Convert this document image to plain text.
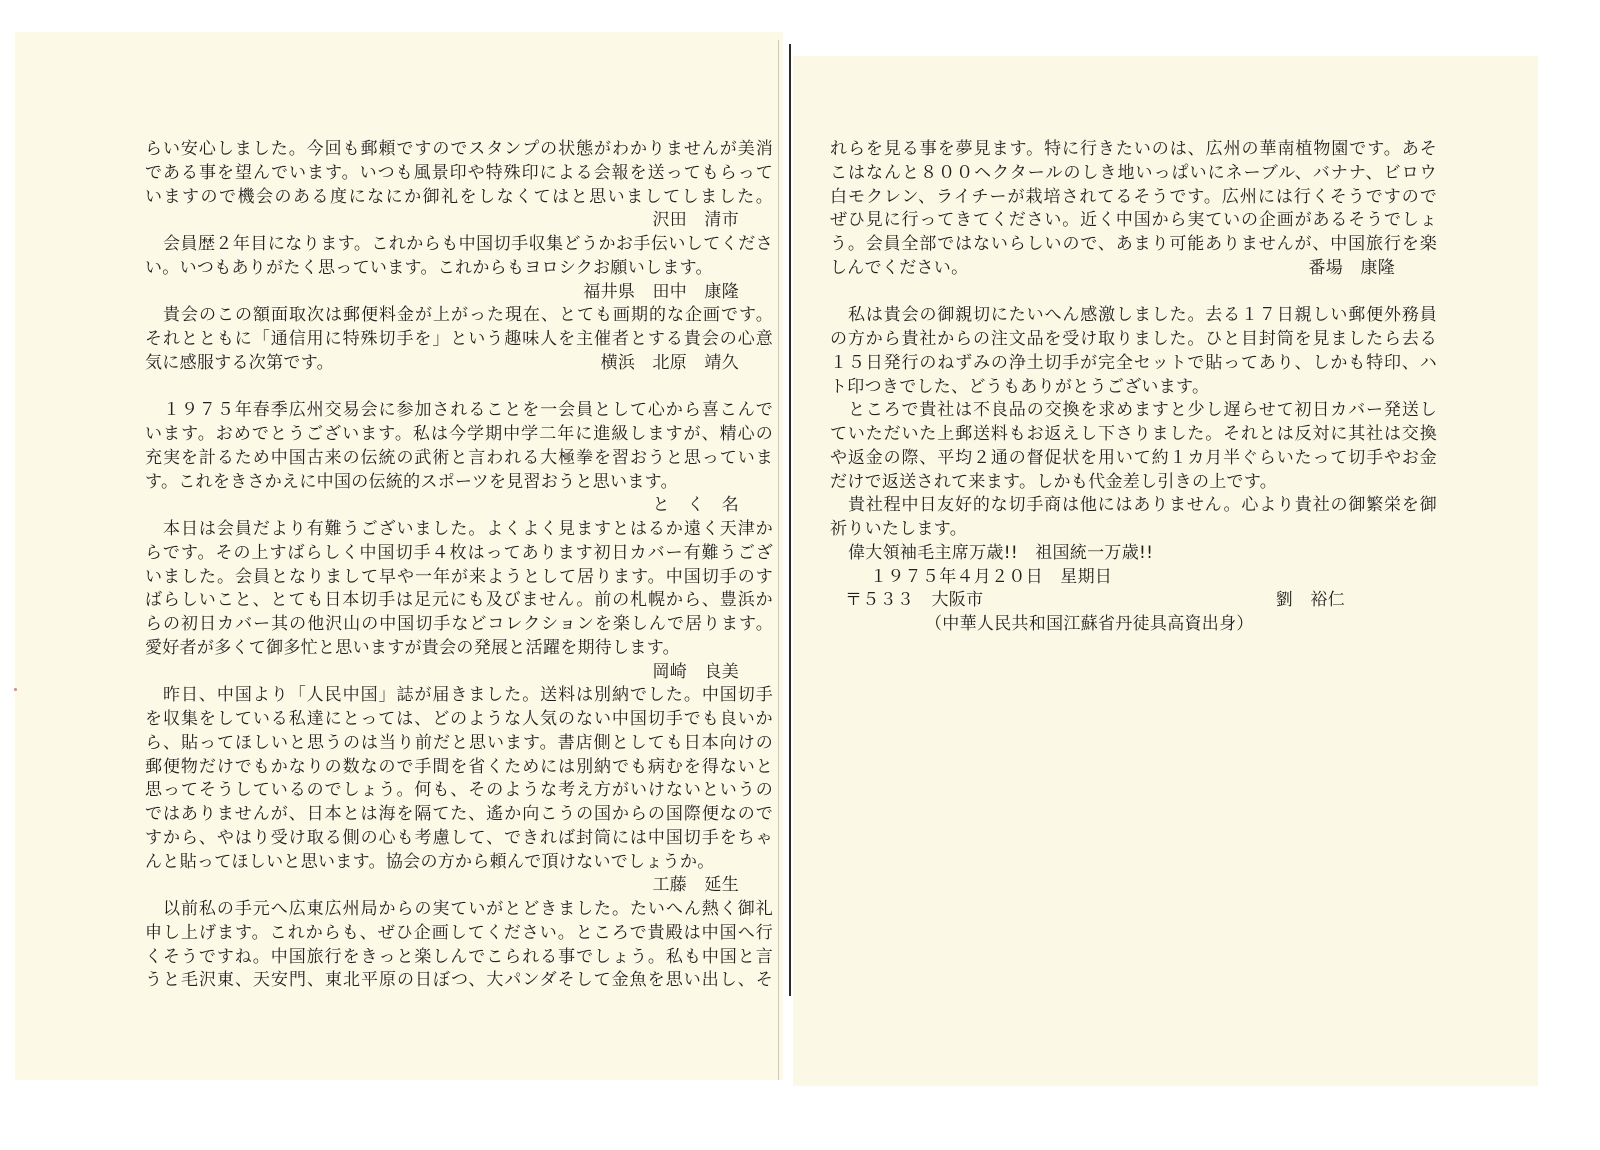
らい安心しました。今回も郵頼ですのでスタンプの状態がわかりませんが美消
である事を望んでいます。いつも風景印や特殊印による会報を送ってもらって
いますので機会のある度になにか御礼をしなくてはと思いましてしました。
沢田　清市
会員歴２年目になります。これからも中国切手収集どうかお手伝いしてくださ
い。いつもありがたく思っています。これからもヨロシクお願いします。
福井県　田中　康隆
貴会のこの額面取次は郵便料金が上がった現在、とても画期的な企画です。
それとともに「通信用に特殊切手を」という趣味人を主催者とする貴会の心意
気に感服する次第です。	横浜　北原　靖久
１９７５年春季広州交易会に参加されることを一会員として心から喜こんで
います。おめでとうございます。私は今学期中学二年に進級しますが、精心の
充実を計るため中国古来の伝統の武術と言われる大極拳を習おうと思っていま
す。これをきさかえに中国の伝統的スポーツを見習おうと思います。
と　く　名
本日は会員だより有難うございました。よくよく見ますとはるか遠く天津か
らです。その上すばらしく中国切手４枚はってあります初日カバー有難うござ
いました。会員となりまして早や一年が来ようとして居ります。中国切手のす
ばらしいこと、とても日本切手は足元にも及びません。前の札幌から、豊浜か
らの初日カバー其の他沢山の中国切手などコレクションを楽しんで居ります。
愛好者が多くて御多忙と思いますが貴会の発展と活躍を期待します。
岡崎　良美
昨日、中国より「人民中国」誌が届きました。送料は別納でした。中国切手
を収集をしている私達にとっては、どのような人気のない中国切手でも良いか
ら、貼ってほしいと思うのは当り前だと思います。書店側としても日本向けの
郵便物だけでもかなりの数なので手間を省くためには別納でも病むを得ないと
思ってそうしているのでしょう。何も、そのような考え方がいけないというの
ではありませんが、日本とは海を隔てた、遙か向こうの国からの国際便なので
すから、やはり受け取る側の心も考慮して、できれば封筒には中国切手をちゃ
んと貼ってほしいと思います。協会の方から頼んで頂けないでしょうか。
工藤　延生
以前私の手元へ広東広州局からの実ていがとどきました。たいへん熱く御礼
申し上げます。これからも、ぜひ企画してください。ところで貴殿は中国へ行
くそうですね。中国旅行をきっと楽しんでこられる事でしょう。私も中国と言
うと毛沢東、天安門、東北平原の日ぼつ、大パンダそして金魚を思い出し、そ
れらを見る事を夢見ます。特に行きたいのは、広州の華南植物園です。あそ
こはなんと８００ヘクタールのしき地いっぱいにネーブル、バナナ、ビロウ
白モクレン、ライチーが栽培されてるそうです。広州には行くそうですので
ぜひ見に行ってきてください。近く中国から実ていの企画があるそうでしょ
う。会員全部ではないらしいので、あまり可能ありませんが、中国旅行を楽
しんでください。	番場　康隆
私は貴会の御親切にたいへん感激しました。去る１７日親しい郵便外務員
の方から貴社からの注文品を受け取りました。ひと目封筒を見ましたら去る
１５日発行のねずみの浄土切手が完全セットで貼ってあり、しかも特印、ハ
ト印つきでした、どうもありがとうございます。
ところで貴社は不良品の交換を求めますと少し遅らせて初日カバー発送し
ていただいた上郵送料もお返えし下さりました。それとは反対に其社は交換
や返金の際、平均２通の督促状を用いて約１カ月半ぐらいたって切手やお金
だけで返送されて来ます。しかも代金差し引きの上です。
貴社程中日友好的な切手商は他にはありません。心より貴社の御繁栄を御
祈りいたします。
偉大領袖毛主席万歳!!　祖国統一万歳!!
１９７５年４月２０日　星期日
〒５３３　大阪市	劉　裕仁
（中華人民共和国江蘇省丹徒具高資出身）
